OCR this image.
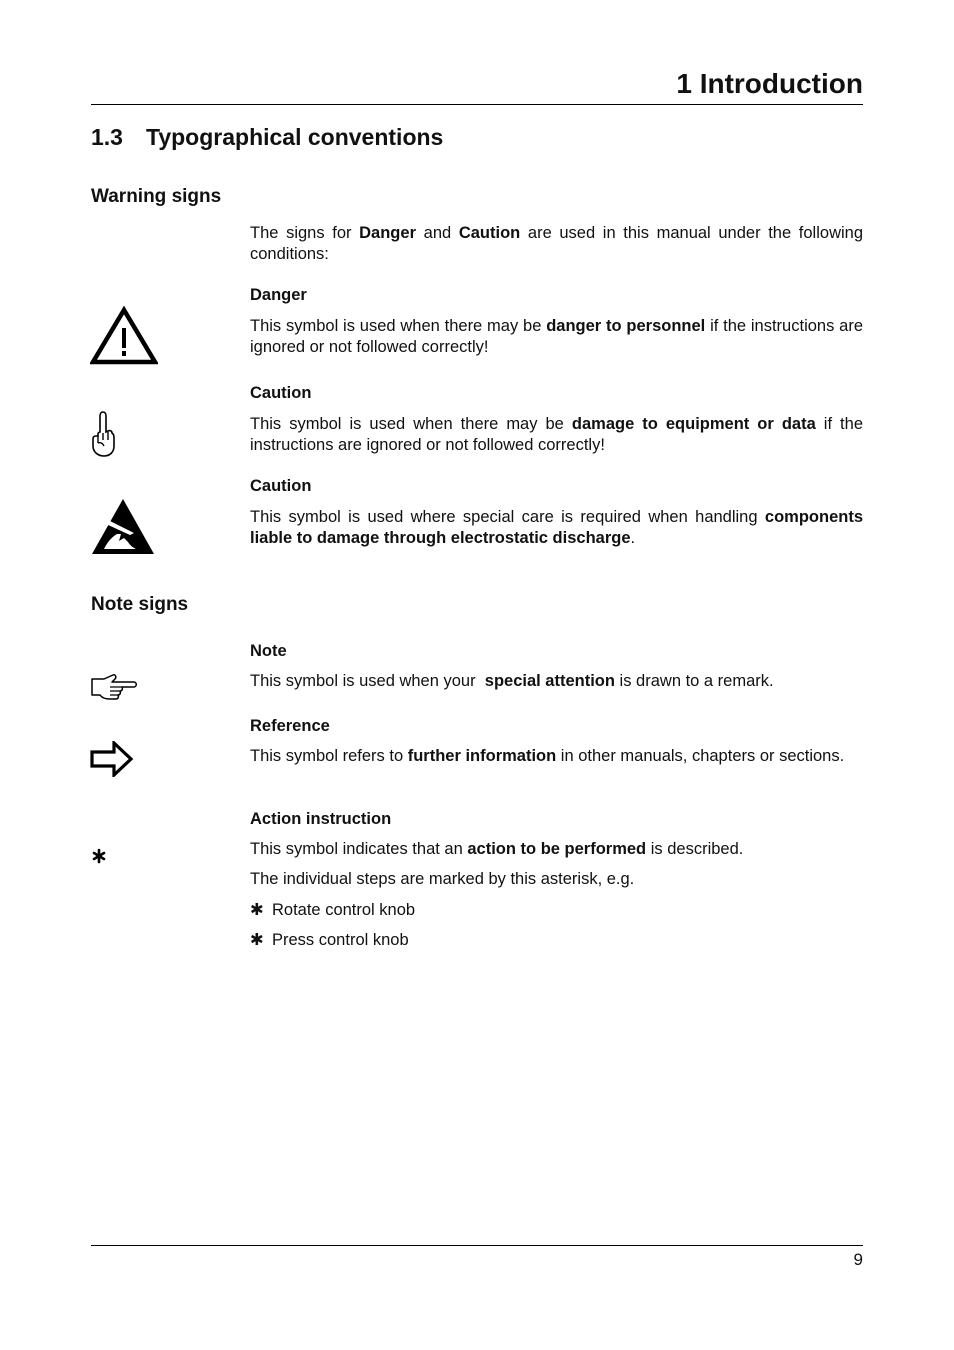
1 Introduction
1.3 Typographical conventions
Warning signs

The signs for Danger and Caution are used in this manual under the following conditions:

Danger

This symbol is used when there may be danger to personnel if the instructions are ignored or not followed correctly!

Caution

This symbol is used when there may be damage to equipment or data if the instructions are ignored or not followed correctly!

Caution

This symbol is used where special care is required when handling components liable to damage through electrostatic discharge.

Note signs
Note

This symbol is used when your  special attention is drawn to a remark.

Reference

This symbol refers to further information in other manuals, chapters or sections.

Action instruction

This symbol indicates that an action to be performed is described.

The individual steps are marked by this asterisk, e.g.
✱ Rotate control knob
✱ Press control knob
9
